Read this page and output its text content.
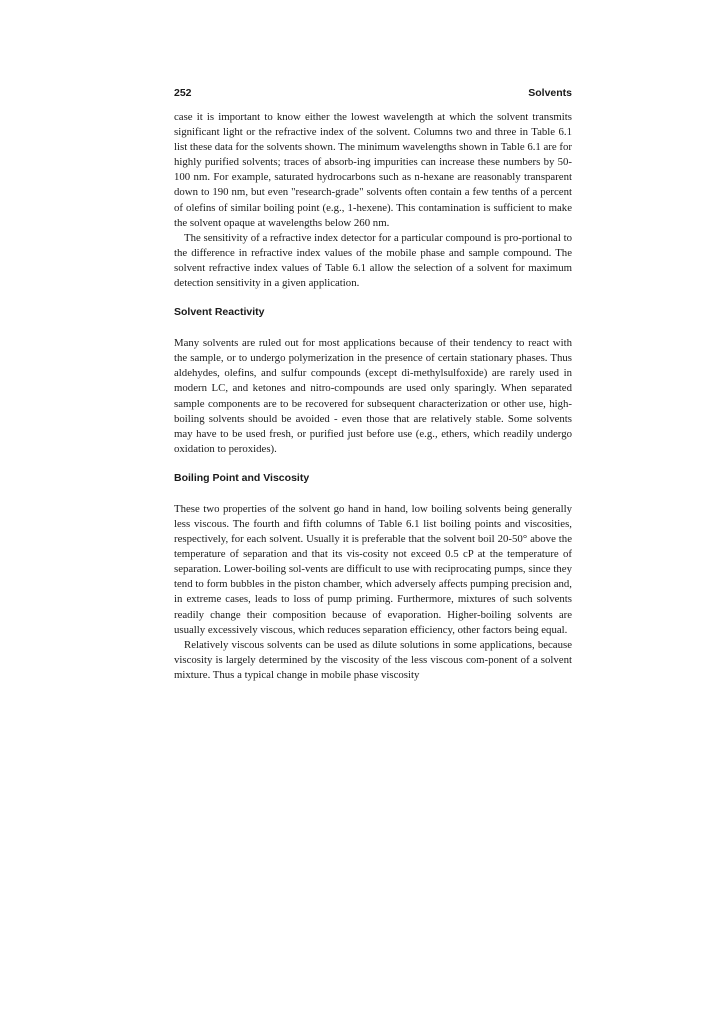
252	Solvents

case it is important to know either the lowest wavelength at which the solvent transmits significant light or the refractive index of the solvent. Columns two and three in Table 6.1 list these data for the solvents shown. The minimum wavelengths shown in Table 6.1 are for highly purified solvents; traces of absorb-ing impurities can increase these numbers by 50-100 nm. For example, saturated hydrocarbons such as n-hexane are reasonably transparent down to 190 nm, but even "research-grade" solvents often contain a few tenths of a percent of olefins of similar boiling point (e.g., 1-hexene). This contamination is sufficient to make the solvent opaque at wavelengths below 260 nm.

The sensitivity of a refractive index detector for a particular compound is pro-portional to the difference in refractive index values of the mobile phase and sample compound. The solvent refractive index values of Table 6.1 allow the selection of a solvent for maximum detection sensitivity in a given application.

Solvent Reactivity

Many solvents are ruled out for most applications because of their tendency to react with the sample, or to undergo polymerization in the presence of certain stationary phases. Thus aldehydes, olefins, and sulfur compounds (except di-methylsulfoxide) are rarely used in modern LC, and ketones and nitro-compounds are used only sparingly. When separated sample components are to be recovered for subsequent characterization or other use, high-boiling solvents should be avoided - even those that are relatively stable. Some solvents may have to be used fresh, or purified just before use (e.g., ethers, which readily undergo oxidation to peroxides).

Boiling Point and Viscosity

These two properties of the solvent go hand in hand, low boiling solvents being generally less viscous. The fourth and fifth columns of Table 6.1 list boiling points and viscosities, respectively, for each solvent. Usually it is preferable that the solvent boil 20-50° above the temperature of separation and that its vis-cosity not exceed 0.5 cP at the temperature of separation. Lower-boiling sol-vents are difficult to use with reciprocating pumps, since they tend to form bubbles in the piston chamber, which adversely affects pumping precision and, in extreme cases, leads to loss of pump priming. Furthermore, mixtures of such solvents readily change their composition because of evaporation. Higher-boiling solvents are usually excessively viscous, which reduces separation efficiency, other factors being equal.

Relatively viscous solvents can be used as dilute solutions in some applications, because viscosity is largely determined by the viscosity of the less viscous com-ponent of a solvent mixture. Thus a typical change in mobile phase viscosity
